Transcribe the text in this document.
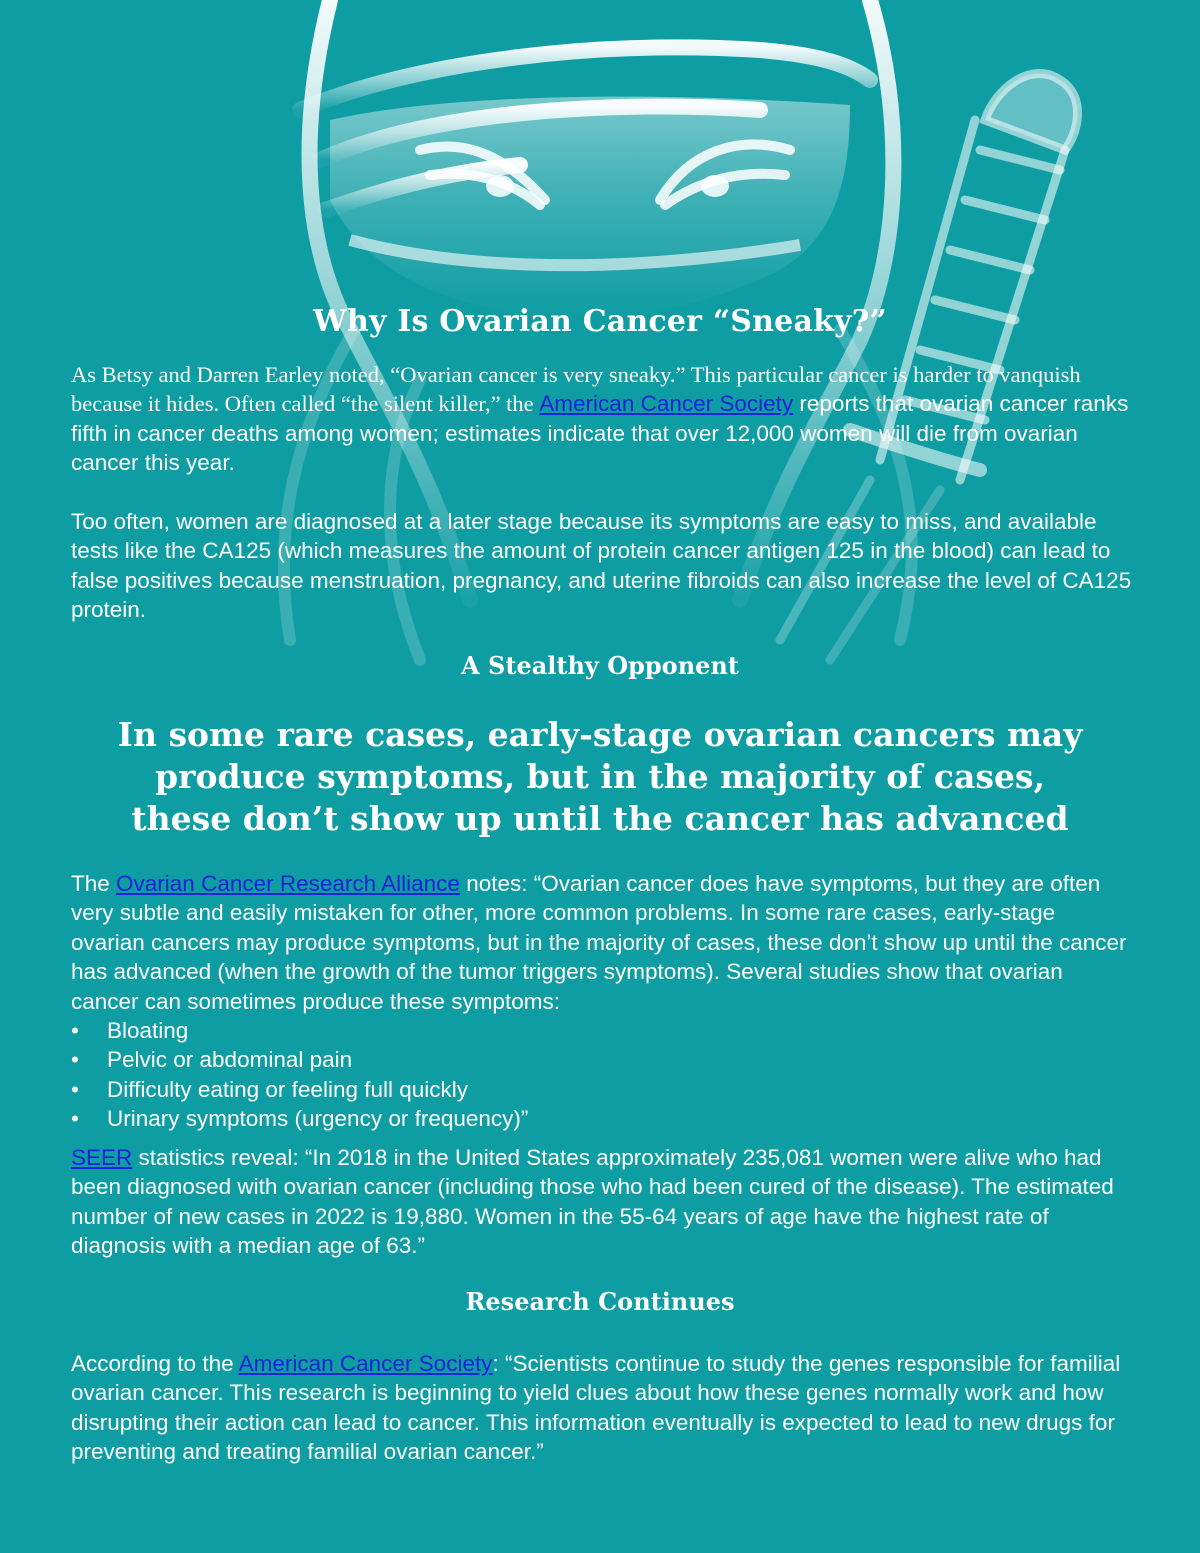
Why Is Ovarian Cancer “Sneaky?”

As Betsy and Darren Earley noted, “Ovarian cancer is very sneaky.” This particular cancer is harder to vanquish because it hides. Often called “the silent killer,” the American Cancer Society reports that ovarian cancer ranks fifth in cancer deaths among women; estimates indicate that over 12,000 women will die from ovarian cancer this year.

Too often, women are diagnosed at a later stage because its symptoms are easy to miss, and available tests like the CA125 (which measures the amount of protein cancer antigen 125 in the blood) can lead to false positives because menstruation, pregnancy, and uterine fibroids can also increase the level of CA125 protein.

A Stealthy Opponent

In some rare cases, early-stage ovarian cancers may produce symptoms, but in the majority of cases, these don’t show up until the cancer has advanced

The Ovarian Cancer Research Alliance notes: “Ovarian cancer does have symptoms, but they are often very subtle and easily mistaken for other, more common problems. In some rare cases, early-stage ovarian cancers may produce symptoms, but in the majority of cases, these don’t show up until the cancer has advanced (when the growth of the tumor triggers symptoms). Several studies show that ovarian cancer can sometimes produce these symptoms:

• Bloating
• Pelvic or abdominal pain
• Difficulty eating or feeling full quickly
• Urinary symptoms (urgency or frequency)”

SEER statistics reveal: “In 2018 in the United States approximately 235,081 women were alive who had been diagnosed with ovarian cancer (including those who had been cured of the disease). The estimated number of new cases in 2022 is 19,880. Women in the 55-64 years of age have the highest rate of diagnosis with a median age of 63.”

Research Continues

According to the American Cancer Society: “Scientists continue to study the genes responsible for familial ovarian cancer. This research is beginning to yield clues about how these genes normally work and how disrupting their action can lead to cancer. This information eventually is expected to lead to new drugs for preventing and treating familial ovarian cancer.”
